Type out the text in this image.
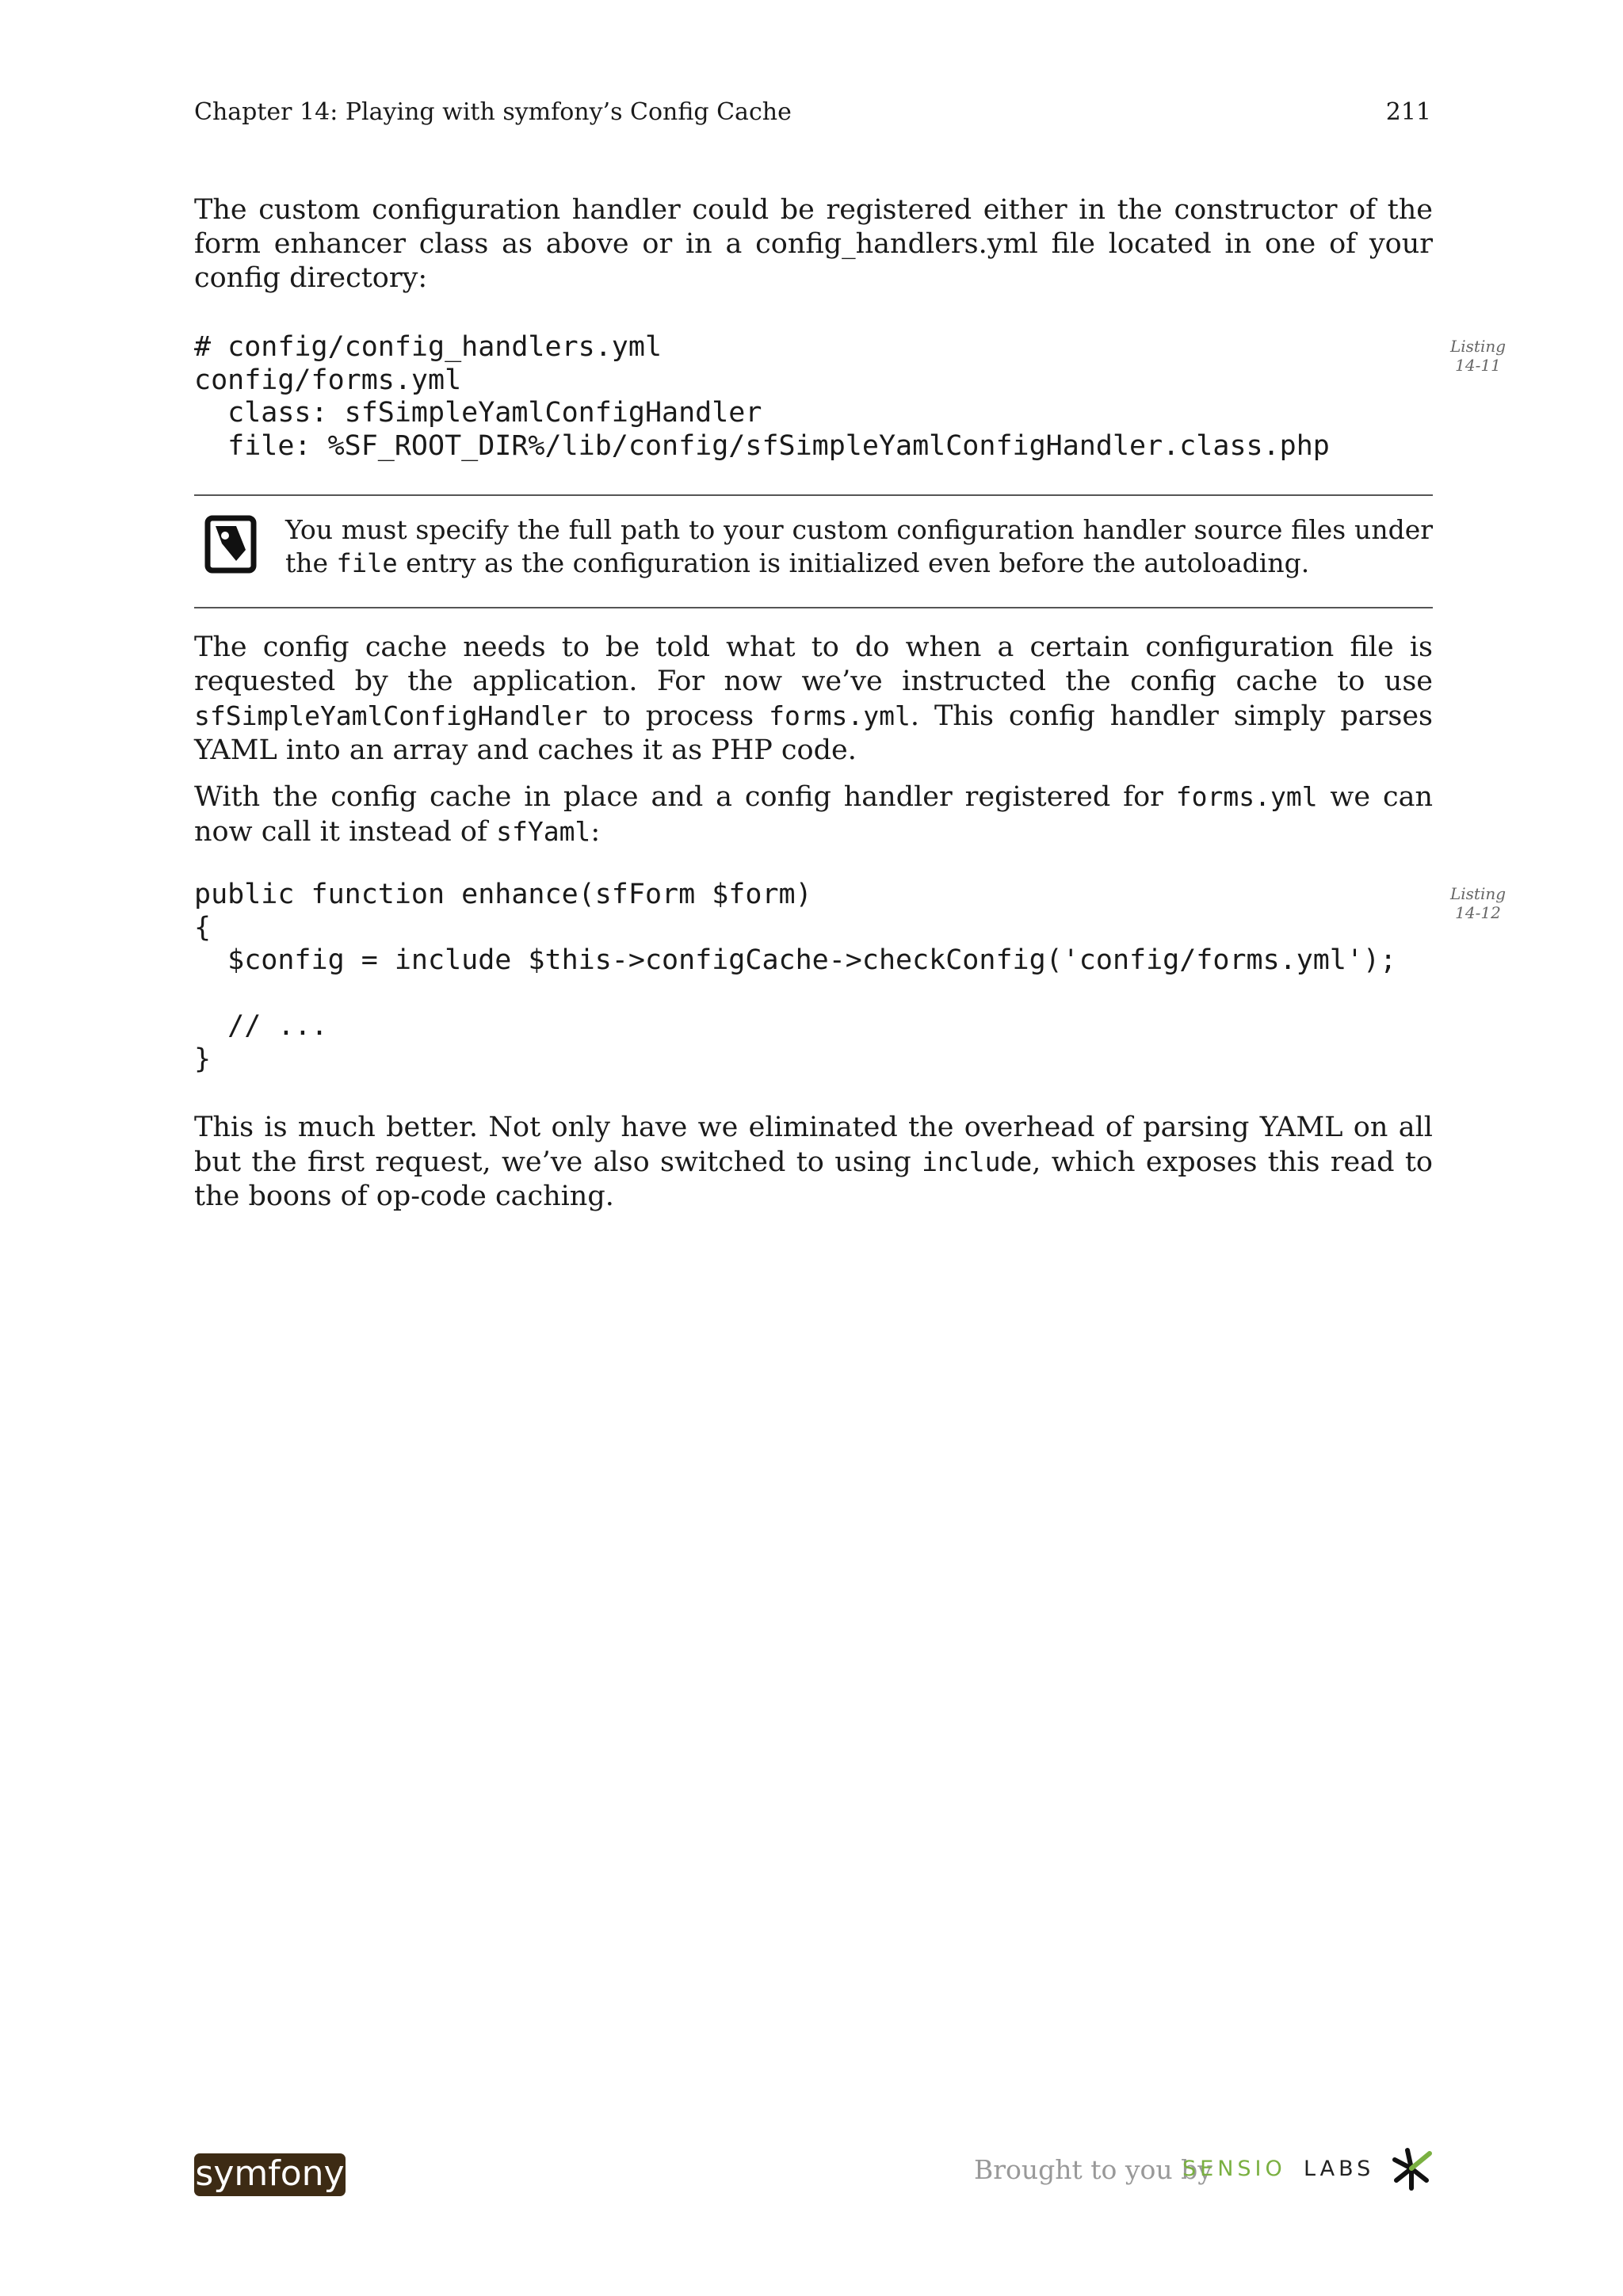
Chapter 14: Playing with symfony’s Config Cache	211
The custom configuration handler could be registered either in the constructor of the form enhancer class as above or in a config_handlers.yml file located in one of your config directory:
# config/config_handlers.yml
config/forms.yml
class: sfSimpleYamlConfigHandler
file: %SF_ROOT_DIR%/lib/config/sfSimpleYamlConfigHandler.class.php
Listing
14-11
You must specify the full path to your custom configuration handler source files under the file entry as the configuration is initialized even before the autoloading.
The config cache needs to be told what to do when a certain configuration file is requested by the application. For now we’ve instructed the config cache to use sfSimpleYamlConfigHandler to process forms.yml. This config handler simply parses YAML into an array and caches it as PHP code.
With the config cache in place and a config handler registered for forms.yml we can now call it instead of sfYaml:
public function enhance(sfForm $form)
{
$config = include $this->configCache->checkConfig('config/forms.yml');

// ...
}
Listing
14-12
This is much better. Not only have we eliminated the overhead of parsing YAML on all but the first request, we’ve also switched to using include, which exposes this read to the boons of op-code caching.
symfony	Brought to you by
SENSIO LABS
